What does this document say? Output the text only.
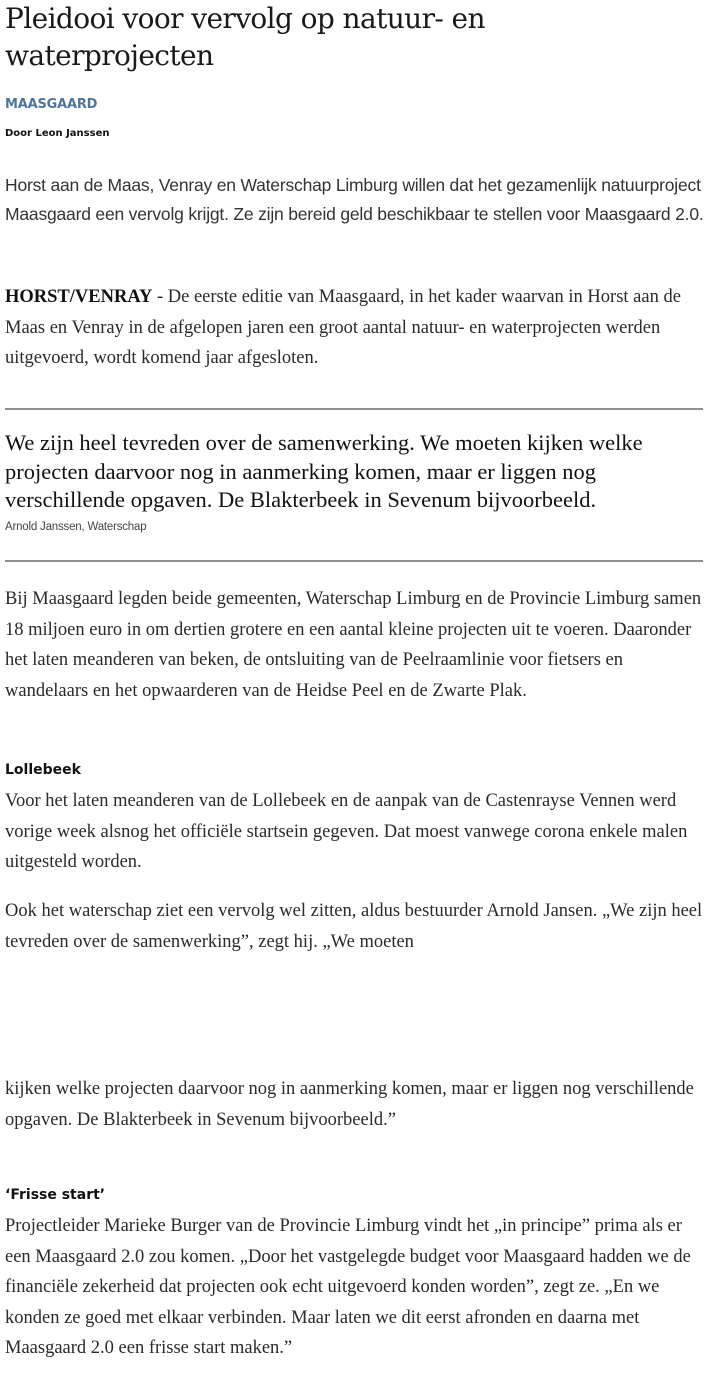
Pleidooi voor vervolg op natuur- en waterprojecten
MAASGAARD
Door Leon Janssen

Horst aan de Maas, Venray en Waterschap Limburg willen dat het gezamenlijk natuurproject Maasgaard een vervolg krijgt. Ze zijn bereid geld beschikbaar te stellen voor Maasgaard 2.0.

HORST/VENRAY - De eerste editie van Maasgaard, in het kader waarvan in Horst aan de Maas en Venray in de afgelopen jaren een groot aantal natuur- en waterprojecten werden uitgevoerd, wordt komend jaar afgesloten.

We zijn heel tevreden over de samenwerking. We moeten kijken welke projecten daarvoor nog in aanmerking komen, maar er liggen nog verschillende opgaven. De Blakterbeek in Sevenum bijvoorbeeld.
Arnold Janssen, Waterschap

Bij Maasgaard legden beide gemeenten, Waterschap Limburg en de Provincie Limburg samen 18 miljoen euro in om dertien grotere en een aantal kleine projecten uit te voeren. Daaronder het laten meanderen van beken, de ontsluiting van de Peelraamlinie voor fietsers en wandelaars en het opwaarderen van de Heidse Peel en de Zwarte Plak.

Lollebeek

Voor het laten meanderen van de Lollebeek en de aanpak van de Castenrayse Vennen werd vorige week alsnog het officiële startsein gegeven. Dat moest vanwege corona enkele malen uitgesteld worden.

Ook het waterschap ziet een vervolg wel zitten, aldus bestuurder Arnold Jansen. „We zijn heel tevreden over de samenwerking”, zegt hij. „We moeten

kijken welke projecten daarvoor nog in aanmerking komen, maar er liggen nog verschillende opgaven. De Blakterbeek in Sevenum bijvoorbeeld.”

‘Frisse start’

Projectleider Marieke Burger van de Provincie Limburg vindt het „in principe” prima als er een Maasgaard 2.0 zou komen. „Door het vastgelegde budget voor Maasgaard hadden we de financiële zekerheid dat projecten ook echt uitgevoerd konden worden”, zegt ze. „En we konden ze goed met elkaar verbinden. Maar laten we dit eerst afronden en daarna met Maasgaard 2.0 een frisse start maken.”
